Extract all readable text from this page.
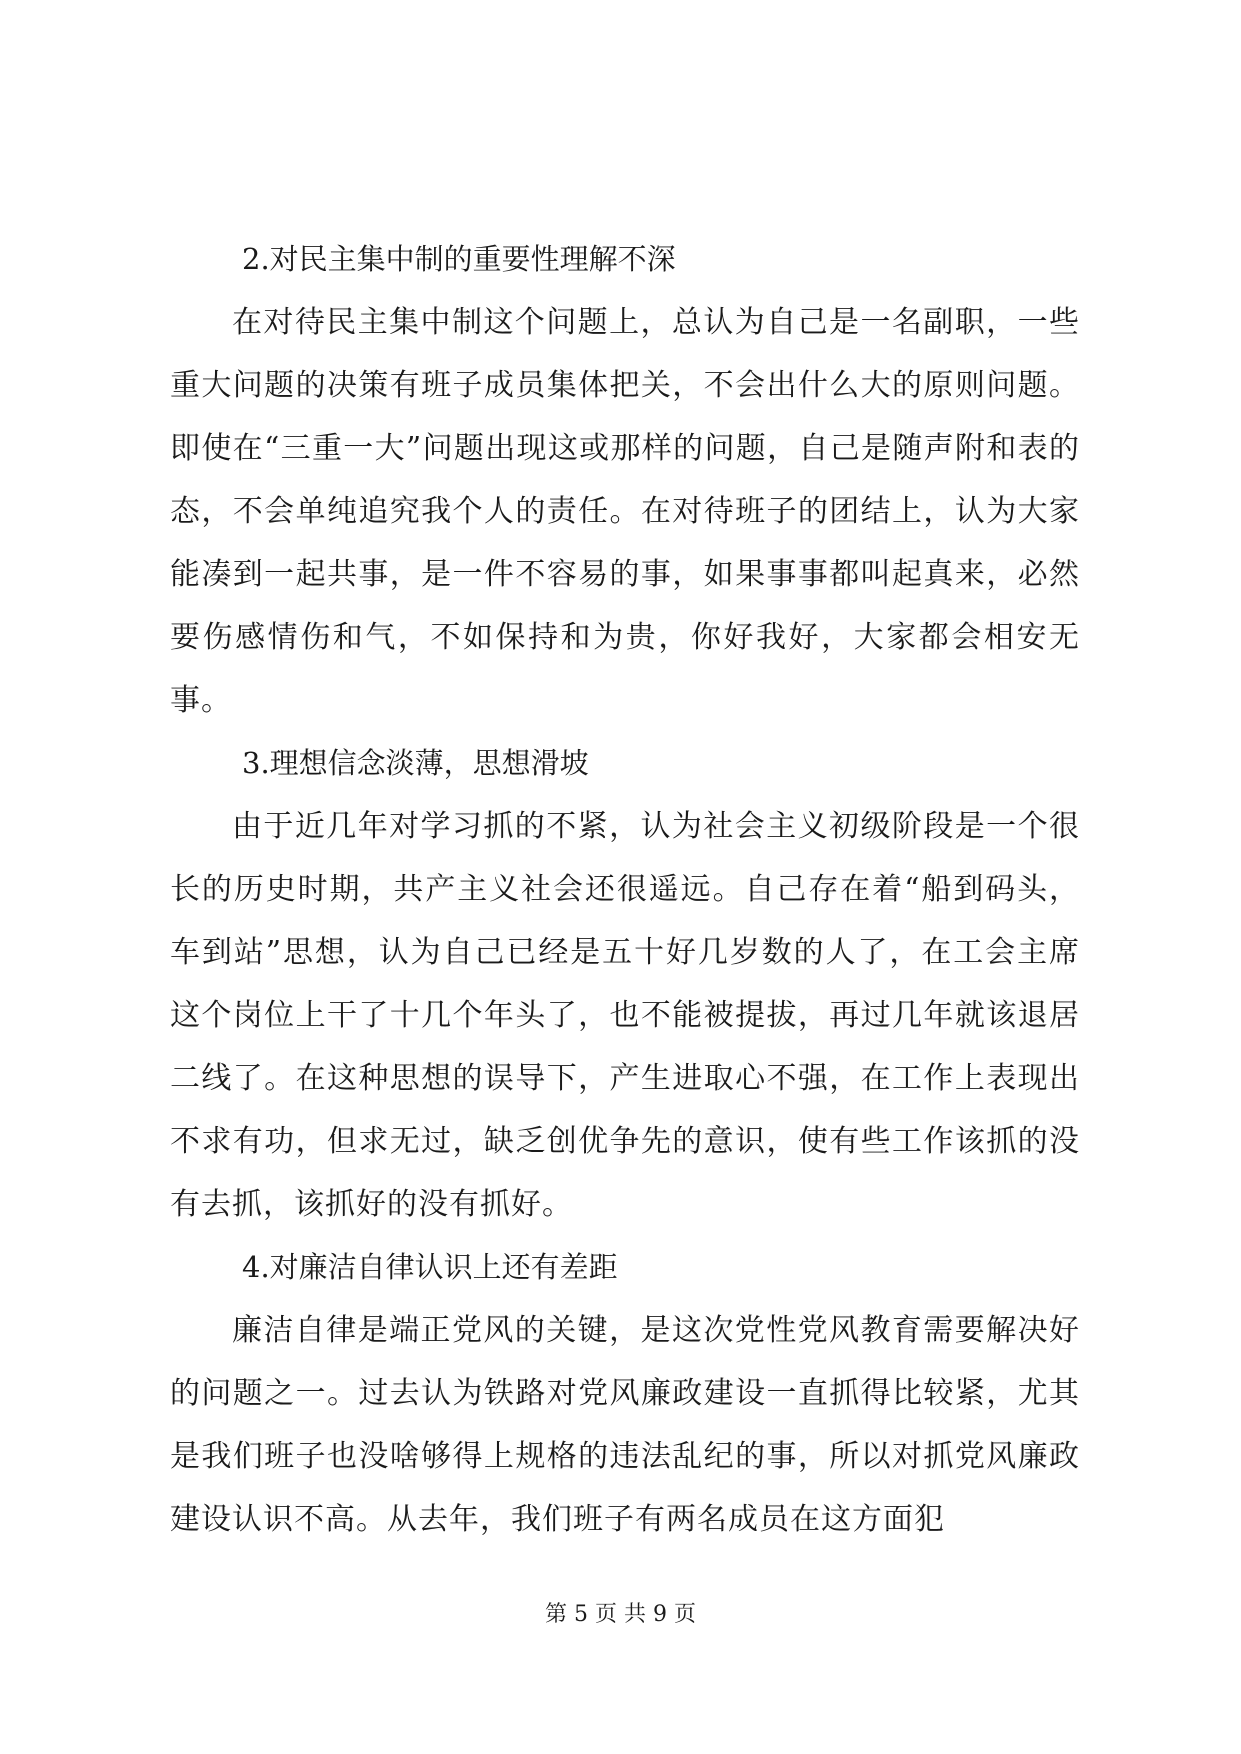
2.对民主集中制的重要性理解不深

在对待民主集中制这个问题上，总认为自己是一名副职，一些重大问题的决策有班子成员集体把关，不会出什么大的原则问题。即使在“三重一大”问题出现这或那样的问题，自己是随声附和表的态，不会单纯追究我个人的责任。在对待班子的团结上，认为大家能凑到一起共事，是一件不容易的事，如果事事都叫起真来，必然要伤感情伤和气，不如保持和为贵，你好我好，大家都会相安无事。

3.理想信念淡薄，思想滑坡

由于近几年对学习抓的不紧，认为社会主义初级阶段是一个很长的历史时期，共产主义社会还很遥远。自己存在着“船到码头，车到站”思想，认为自己已经是五十好几岁数的人了，在工会主席这个岗位上干了十几个年头了，也不能被提拔，再过几年就该退居二线了。在这种思想的误导下，产生进取心不强，在工作上表现出不求有功，但求无过，缺乏创优争先的意识，使有些工作该抓的没有去抓，该抓好的没有抓好。

4.对廉洁自律认识上还有差距

廉洁自律是端正党风的关键，是这次党性党风教育需要解决好的问题之一。过去认为铁路对党风廉政建设一直抓得比较紧，尤其是我们班子也没啥够得上规格的违法乱纪的事，所以对抓党风廉政建设认识不高。从去年，我们班子有两名成员在这方面犯

第 5 页 共 9 页
